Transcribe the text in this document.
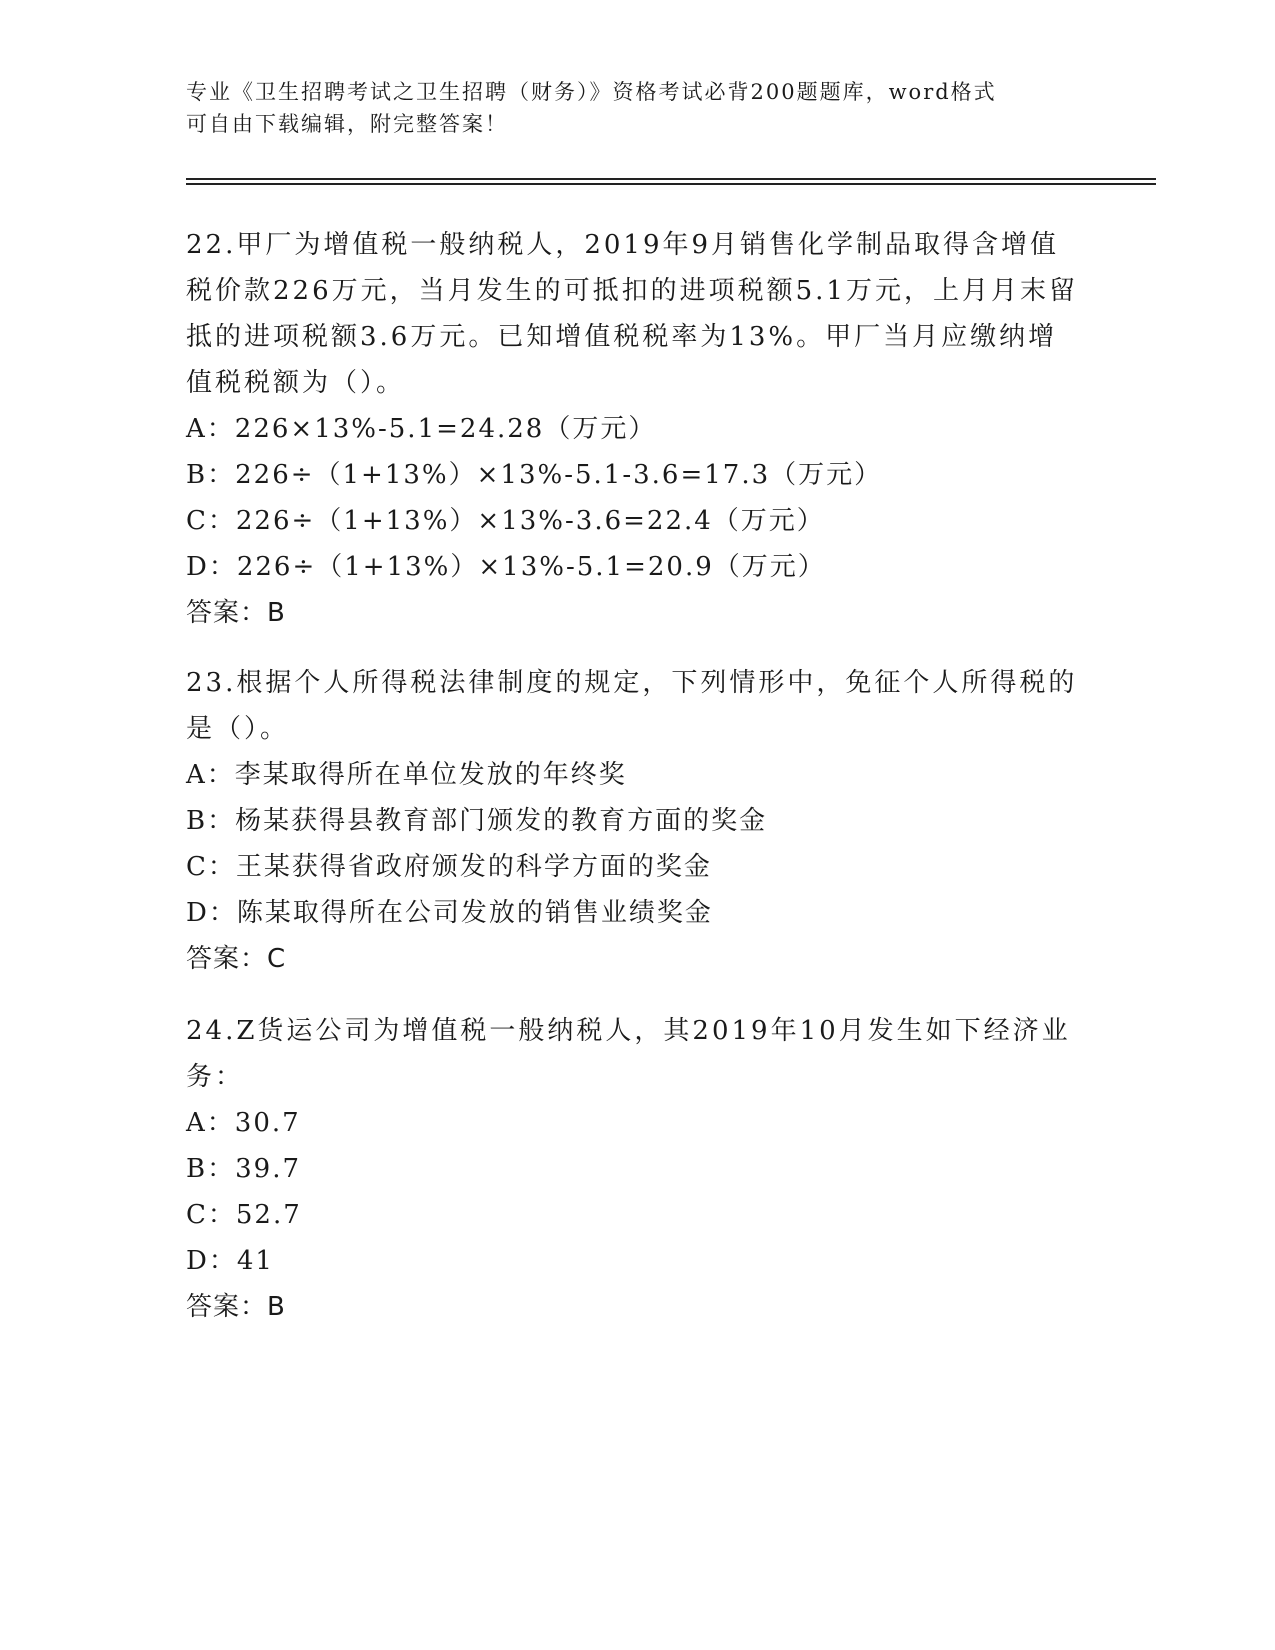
专业《卫生招聘考试之卫生招聘（财务）》资格考试必背200题题库，word格式
可自由下载编辑，附完整答案！

22.甲厂为增值税一般纳税人，2019年9月销售化学制品取得含增值税价款226万元，当月发生的可抵扣的进项税额5.1万元，上月月末留抵的进项税额3.6万元。已知增值税税率为13%。甲厂当月应缴纳增值税税额为（）。

A：226×13%-5.1=24.28（万元）

B：226÷（1+13%）×13%-5.1-3.6=17.3（万元）

C：226÷（1+13%）×13%-3.6=22.4（万元）

D：226÷（1+13%）×13%-5.1=20.9（万元）

答案：B

23.根据个人所得税法律制度的规定，下列情形中，免征个人所得税的是（）。

A：李某取得所在单位发放的年终奖

B：杨某获得县教育部门颁发的教育方面的奖金

C：王某获得省政府颁发的科学方面的奖金

D：陈某取得所在公司发放的销售业绩奖金

答案：C

24.Z货运公司为增值税一般纳税人，其2019年10月发生如下经济业务：

A：30.7

B：39.7

C：52.7

D：41

答案：B
